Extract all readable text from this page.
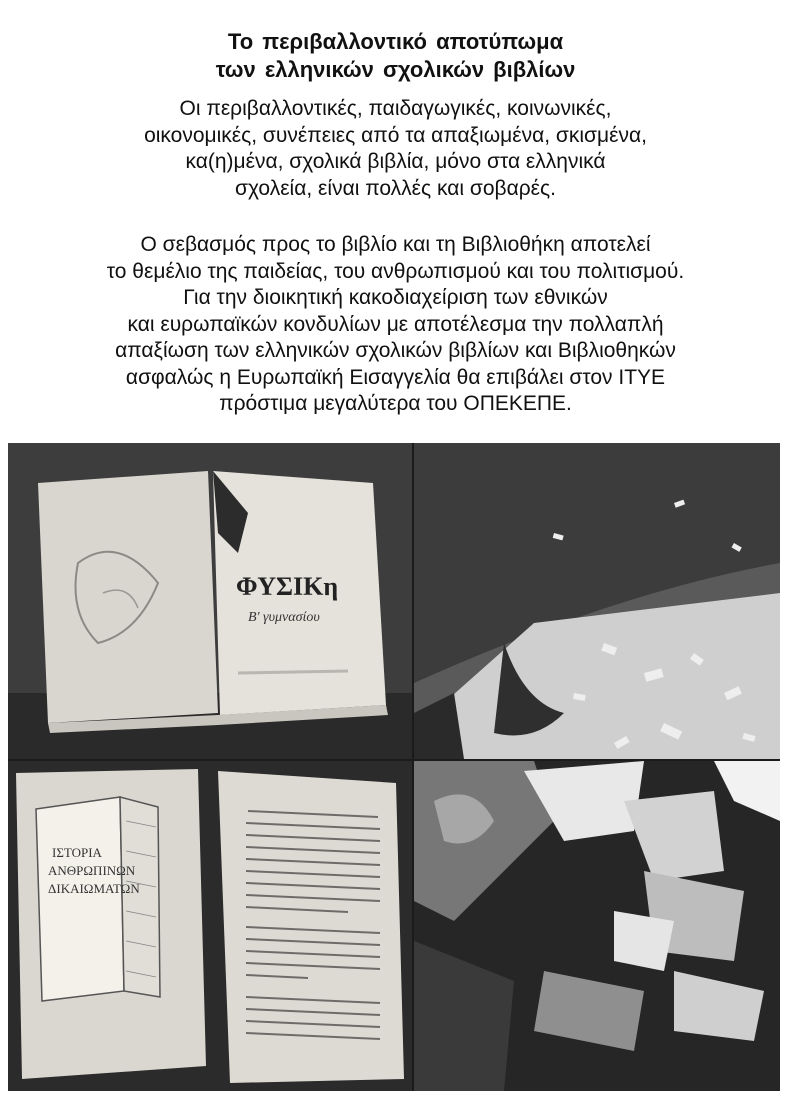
Το περιβαλλοντικό αποτύπωμα
των ελληνικών σχολικών βιβλίων
Οι περιβαλλοντικές, παιδαγωγικές, κοινωνικές,
οικονομικές, συνέπειες από τα απαξιωμένα, σκισμένα,
κα(η)μένα, σχολικά βιβλία, μόνο στα ελληνικά
σχολεία, είναι πολλές και σοβαρές.
Ο σεβασμός προς το βιβλίο και τη Βιβλιοθήκη αποτελεί
το θεμέλιο της παιδείας, του ανθρωπισμού και του πολιτισμού.
Για την διοικητική κακοδιαχείριση των εθνικών
και ευρωπαϊκών κονδυλίων με αποτέλεσμα την πολλαπλή
απαξίωση των ελληνικών σχολικών βιβλίων και Βιβλιοθηκών
ασφαλώς η Ευρωπαϊκή Εισαγγελία θα επιβάλει στον ΙΤΥΕ
πρόστιμα μεγαλύτερα του ΟΠΕΚΕΠΕ.
ΦΥΣΙΚη
Β' γυμνασίου
ΙΣΤΟΡΙΑ
ΑΝΘΡΩΠΙΝΩΝ
ΔΙΚΑΙΩΜΑΤΩΝ
